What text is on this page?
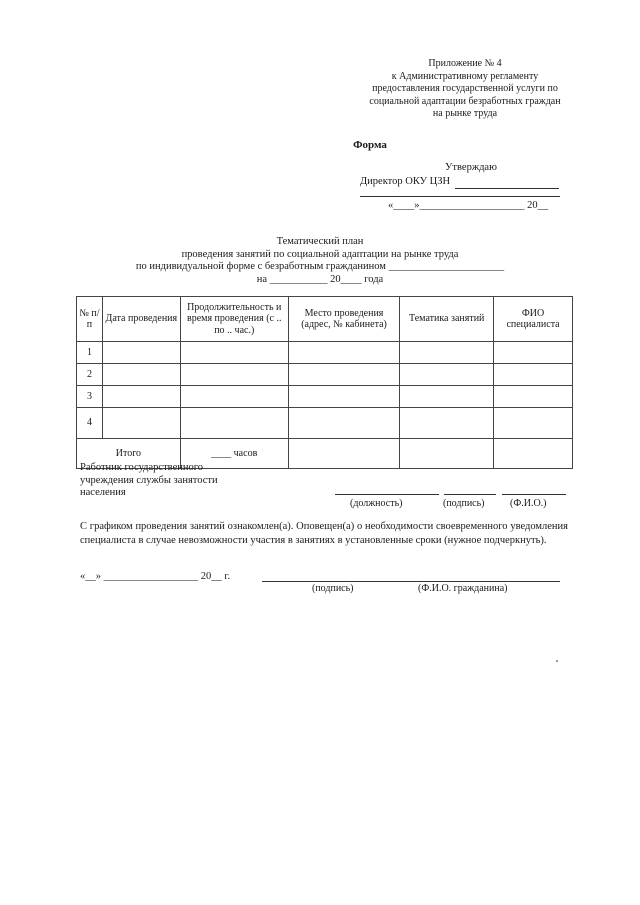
Приложение № 4
к Административному регламенту
предоставления государственной услуги по
социальной адаптации безработных граждан
на рынке труда
Форма
Утверждаю
Директор ОКУ ЦЗН
«____»____________________ 20__
Тематический план
проведения занятий по социальной адаптации на рынке труда
по индивидуальной форме с безработным гражданином ______________________
на ___________ 20____ года
№ п/п	Дата проведения	Продолжительность и время проведения (с .. по .. час.)	Место проведения (адрес, № кабинета)	Тематика занятий	ФИО специалиста
1					
2					
3					
4					
Итого		____ часов			
Работник государственного
учреждения службы занятости
населения
(должность)	(подпись)	(Ф.И.О.)
С графиком проведения занятий ознакомлен(а). Оповещен(а) о необходимости своевременного уведомления специалиста в случае невозможности участия в занятиях в установленные сроки (нужное подчеркнуть).
«__» __________________ 20__ г.
(подпись)	(Ф.И.О. гражданина)
